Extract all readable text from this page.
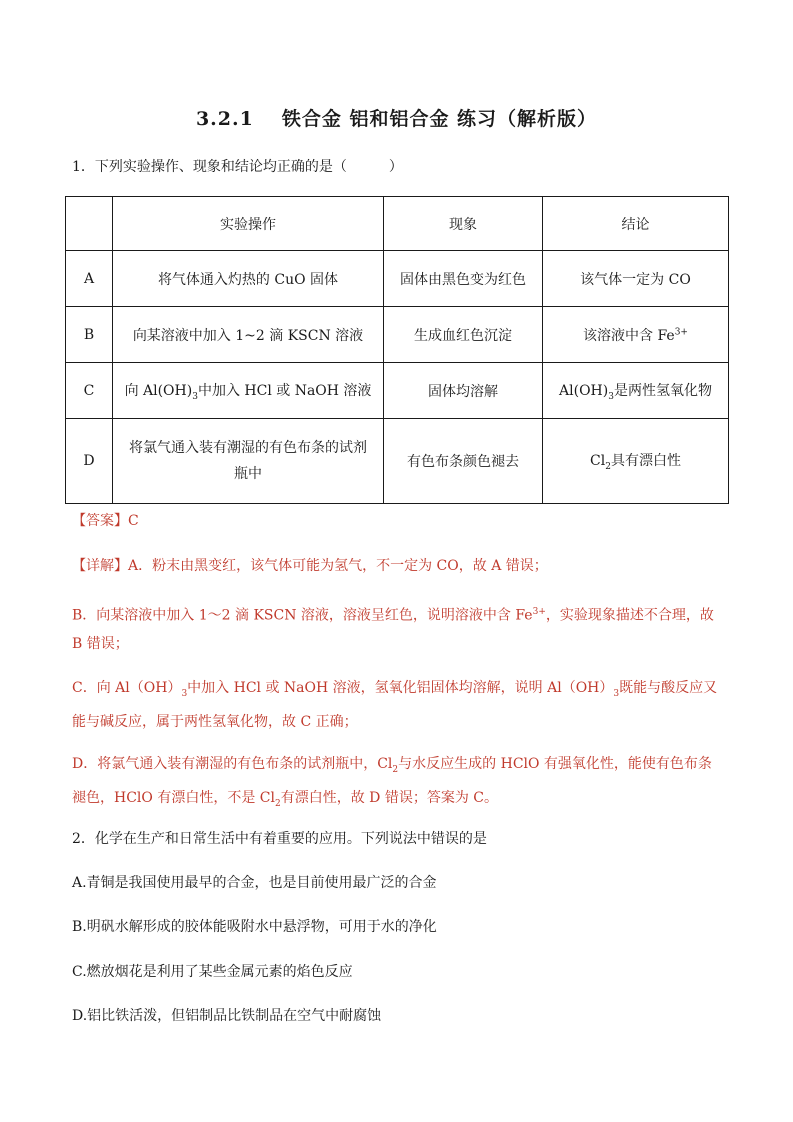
3.2.1 铁合金 铝和铝合金 练习（解析版）
1．下列实验操作、现象和结论均正确的是（　　　）
	实验操作	现象	结论
A	将气体通入灼热的 CuO 固体	固体由黑色变为红色	该气体一定为 CO
B	向某溶液中加入 1~2 滴 KSCN 溶液	生成血红色沉淀	该溶液中含 $Fe^{3+}$
C	向 $Al(OH)_3$中加入 HCl 或 NaOH 溶液	固体均溶解	$Al(OH)_3$是两性氢氧化物
D	将氯气通入装有潮湿的有色布条的试剂瓶中	有色布条颜色褪去	$Cl_2$具有漂白性
【答案】C
【详解】A．粉末由黑变红，该气体可能为氢气，不一定为 CO，故 A 错误；
B．向某溶液中加入 1～2 滴 KSCN 溶液，溶液呈红色，说明溶液中含 $Fe^{3+}$，实验现象描述不合理，故 B 错误；
C．向 $Al(OH)_3$中加入 HCl 或 NaOH 溶液，氢氧化铝固体均溶解，说明 $Al(OH)_3$既能与酸反应又能与碱反应，属于两性氢氧化物，故 C 正确；
D．将氯气通入装有潮湿的有色布条的试剂瓶中，$Cl_2$与水反应生成的 HClO 有强氧化性，能使有色布条褪色，HClO 有漂白性，不是 $Cl_2$有漂白性，故 D 错误；答案为 C。
2．化学在生产和日常生活中有着重要的应用。下列说法中错误的是
A.青铜是我国使用最早的合金，也是目前使用最广泛的合金
B.明矾水解形成的胶体能吸附水中悬浮物，可用于水的净化
C.燃放烟花是利用了某些金属元素的焰色反应
D.铝比铁活泼，但铝制品比铁制品在空气中耐腐蚀
